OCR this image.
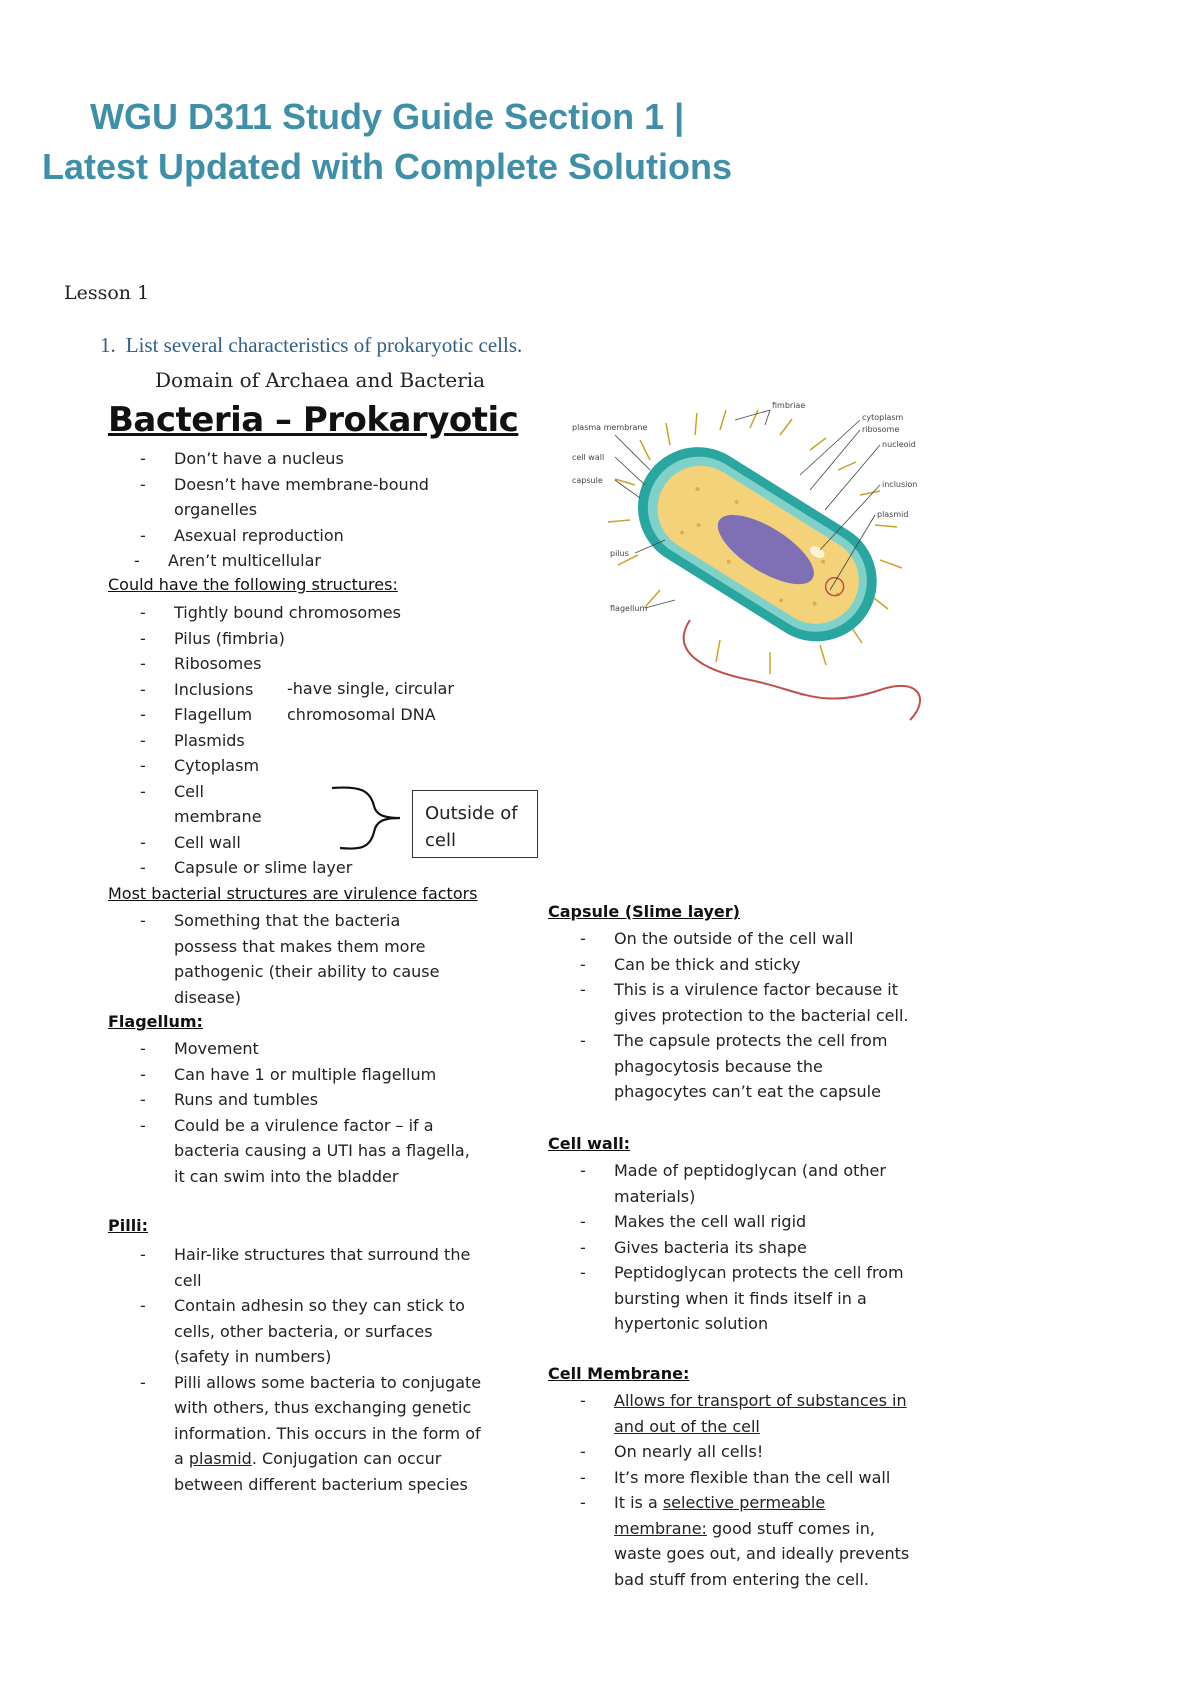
WGU D311 Study Guide Section 1 |
Latest Updated with Complete Solutions
Lesson 1
1. List several characteristics of prokaryotic cells.
Domain of Archaea and Bacteria
Bacteria – Prokaryotic
- Don’t have a nucleus
- Doesn’t have membrane-bound organelles
- Asexual reproduction
- Aren’t multicellular
Could have the following structures:
- Tightly bound chromosomes
- Pilus (fimbria)
- Ribosomes
- Inclusions
- Flagellum
- Plasmids
- Cytoplasm
- Cell membrane
- Cell wall
- Capsule or slime layer
-have single, circular chromosomal DNA
Outside of cell
fimbriae
cytoplasm
ribosome
nucleoid
inclusion
plasmid
plasma membrane
cell wall
capsule
pilus
flagellum
Most bacterial structures are virulence factors
- Something that the bacteria possess that makes them more pathogenic (their ability to cause disease)
Flagellum:
- Movement
- Can have 1 or multiple flagellum
- Runs and tumbles
- Could be a virulence factor – if a bacteria causing a UTI has a flagella, it can swim into the bladder
Pilli:
- Hair-like structures that surround the cell
- Contain adhesin so they can stick to cells, other bacteria, or surfaces (safety in numbers)
- Pilli allows some bacteria to conjugate with others, thus exchanging genetic information. This occurs in the form of a plasmid. Conjugation can occur between different bacterium species
Capsule (Slime layer)
- On the outside of the cell wall
- Can be thick and sticky
- This is a virulence factor because it gives protection to the bacterial cell.
- The capsule protects the cell from phagocytosis because the phagocytes can’t eat the capsule
Cell wall:
- Made of peptidoglycan (and other materials)
- Makes the cell wall rigid
- Gives bacteria its shape
- Peptidoglycan protects the cell from bursting when it finds itself in a hypertonic solution
Cell Membrane:
- Allows for transport of substances in and out of the cell
- On nearly all cells!
- It’s more flexible than the cell wall
- It is a selective permeable membrane: good stuff comes in, waste goes out, and ideally prevents bad stuff from entering the cell.
